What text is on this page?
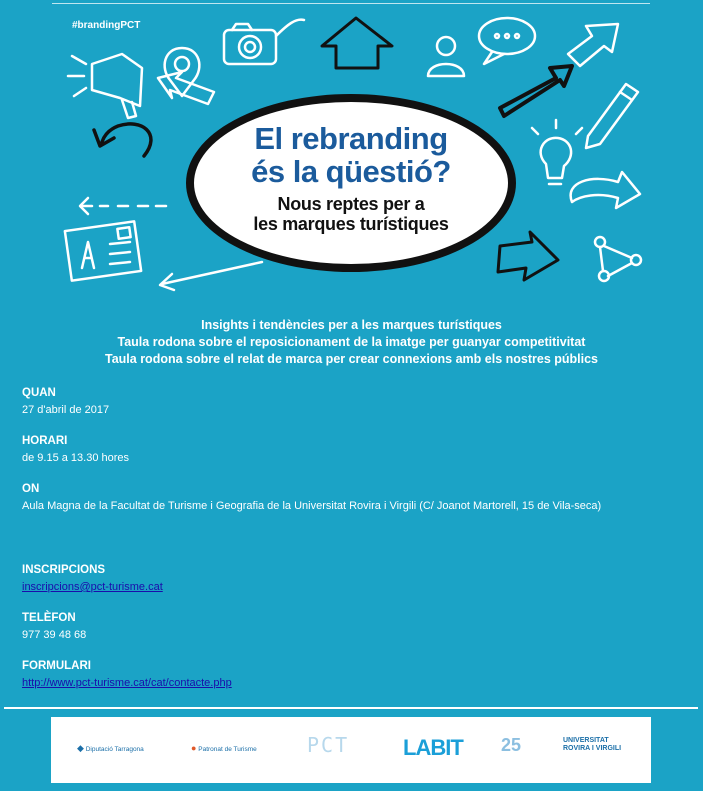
#brandingPCT
El rebranding
és la qüestió?
Nous reptes per a
les marques turístiques
Insights i tendències per a les marques turístiques
Taula rodona sobre el reposicionament de la imatge per guanyar competitivitat
Taula rodona sobre el relat de marca per crear connexions amb els nostres públics
QUAN
27 d'abril de 2017
HORARI
de 9.15 a 13.30 hores
ON
Aula Magna de la Facultat de Turisme i Geografia de la Universitat Rovira i Virgili (C/ Joanot Martorell, 15 de Vila-seca)
INSCRIPCIONS
inscripcions@pct-turisme.cat
TELÈFON
977 39 48 68
FORMULARI
http://www.pct-turisme.cat/cat/contacte.php
◆ Diputació Tarragona	● Patronat de Turisme	PCT LABIT 25	UNIVERSITAT
ROVIRA I VIRGILI
